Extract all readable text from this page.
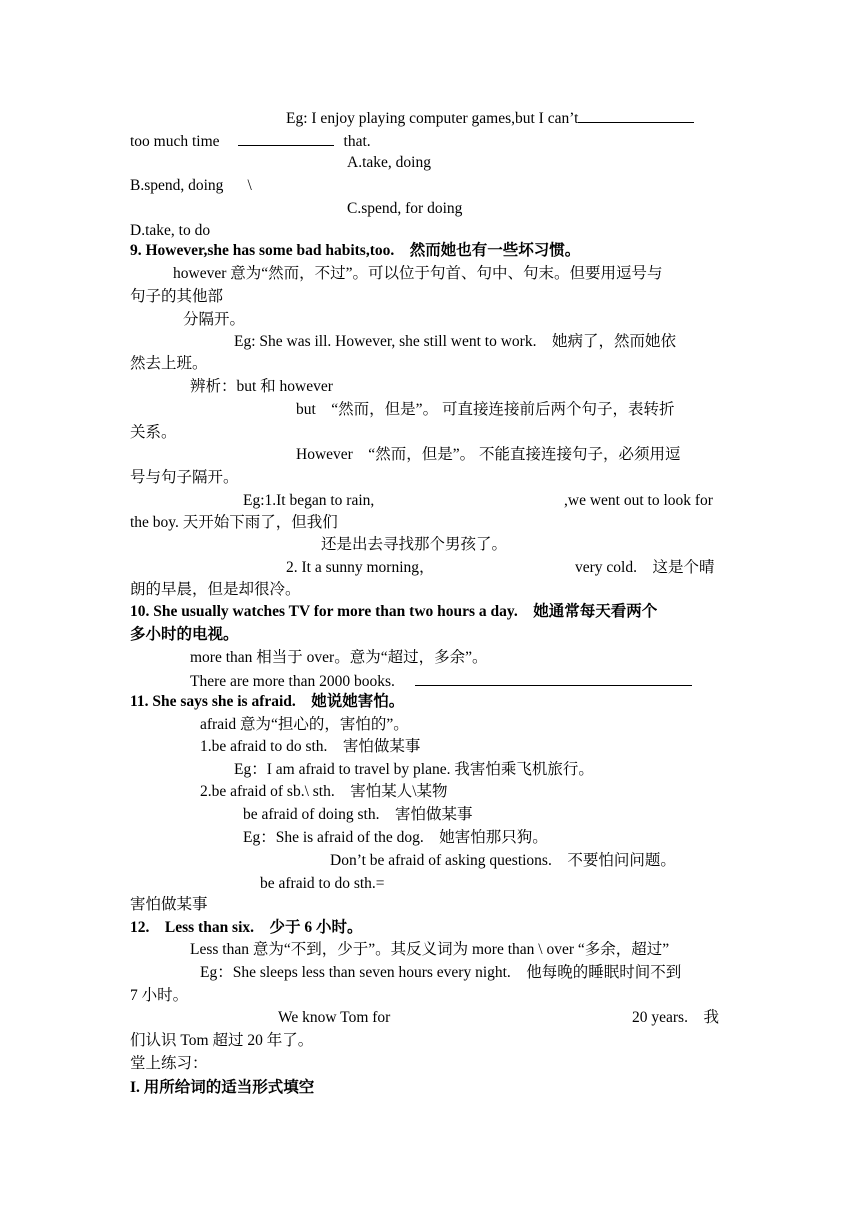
Eg: I enjoy playing computer games,but I can’t
too much time	that.
A.take, doing
B.spend, doing \
C.spend, for doing
D.take, to do
9. However,she has some bad habits,too.　然而她也有一些坏习惯。
however 意为“然而，不过”。可以位于句首、句中、句末。但要用逗号与
句子的其他部
分隔开。
Eg: She was ill. However, she still went to work.　她病了，然而她依
然去上班。
辨析：but 和 however
but　“然而，但是”。 可直接连接前后两个句子，表转折
关系。
However　“然而，但是”。 不能直接连接句子，必须用逗
号与句子隔开。
Eg:1.It began to rain,	,we went out to look for
the boy. 天开始下雨了，但我们
还是出去寻找那个男孩了。
2. It a sunny morning，	very cold.　这是个晴
朗的早晨，但是却很冷。
10. She usually watches TV for more than two hours a day.　她通常每天看两个
多小时的电视。
more than 相当于 over。意为“超过，多余”。
There are more than 2000 books.
11. She says she is afraid.　她说她害怕。
afraid 意为“担心的，害怕的”。
1.be afraid to do sth.　害怕做某事
Eg：I am afraid to travel by plane. 我害怕乘飞机旅行。
2.be afraid of sb.\ sth.　害怕某人\某物
be afraid of doing sth.　害怕做某事
Eg：She is afraid of the dog.　她害怕那只狗。
Don’t be afraid of asking questions.　不要怕问问题。
be afraid to do sth.=
害怕做某事
12.　Less than six.　少于 6 小时。
Less than 意为“不到，少于”。其反义词为 more than \ over “多余，超过”
Eg：She sleeps less than seven hours every night.　他每晚的睡眠时间不到
7 小时。
We know Tom for	20 years.　我
们认识 Tom 超过 20 年了。
堂上练习：
I. 用所给词的适当形式填空
